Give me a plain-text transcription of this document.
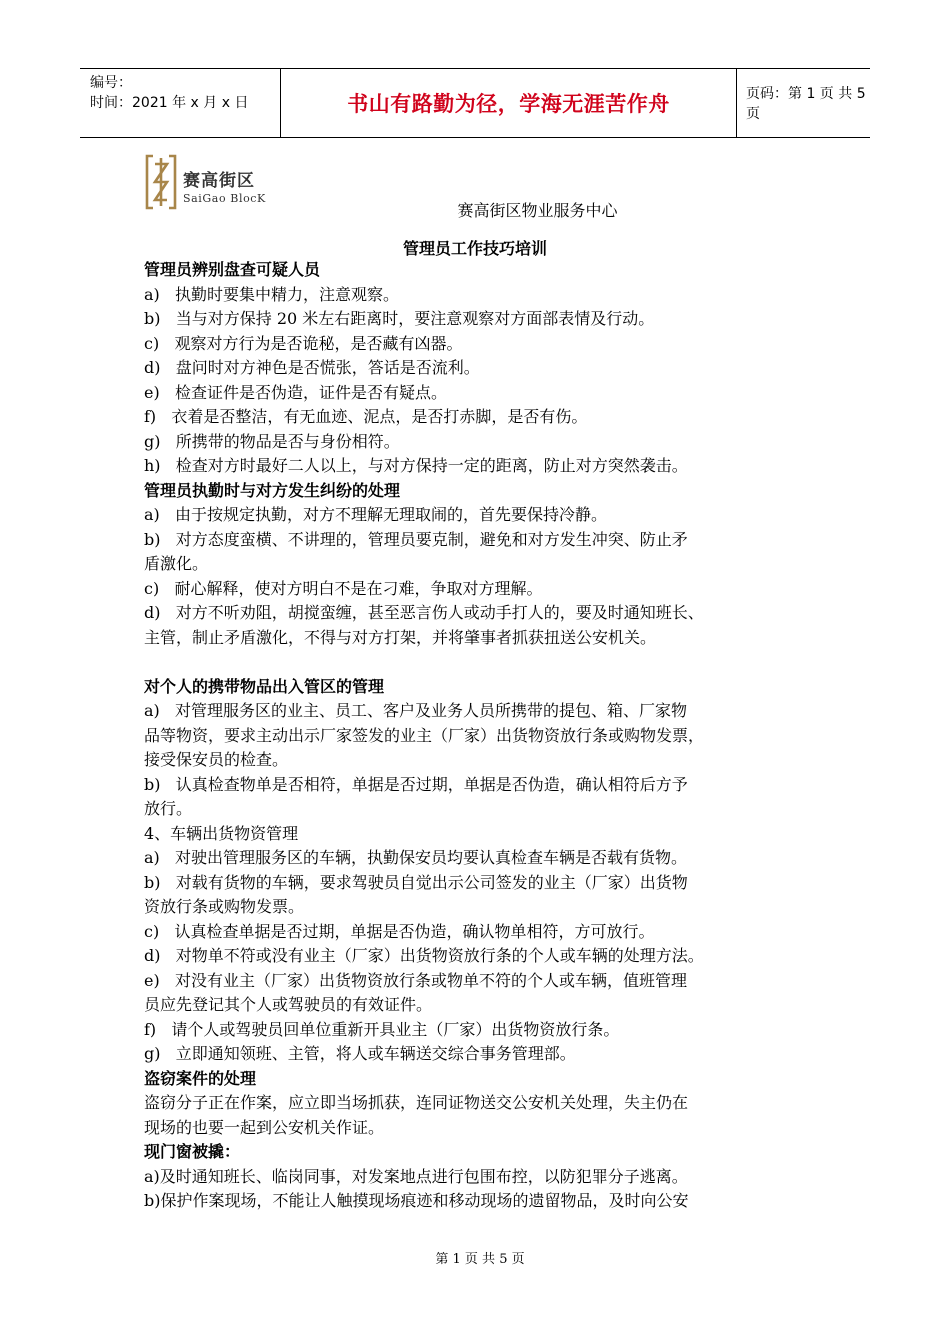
编号：
时间：2021 年 x 月 x 日	书山有路勤为径，学海无涯苦作舟	页码：第 1 页 共 5 页
赛高街区
SaiGao BlocK
赛高街区物业服务中心
管理员工作技巧培训

管理员辨别盘查可疑人员

a)   执勤时要集中精力，注意观察。

b)   当与对方保持 20 米左右距离时，要注意观察对方面部表情及行动。

c)   观察对方行为是否诡秘，是否藏有凶器。

d)   盘问时对方神色是否慌张，答话是否流利。

e)   检查证件是否伪造，证件是否有疑点。

f)   衣着是否整洁，有无血迹、泥点，是否打赤脚，是否有伤。

g)   所携带的物品是否与身份相符。

h)   检查对方时最好二人以上，与对方保持一定的距离，防止对方突然袭击。

管理员执勤时与对方发生纠纷的处理

a)   由于按规定执勤，对方不理解无理取闹的，首先要保持冷静。

b)   对方态度蛮横、不讲理的，管理员要克制，避免和对方发生冲突、防止矛

盾激化。

c)   耐心解释，使对方明白不是在刁难，争取对方理解。

d)   对方不听劝阻，胡搅蛮缠，甚至恶言伤人或动手打人的，要及时通知班长、

主管，制止矛盾激化，不得与对方打架，并将肇事者抓获扭送公安机关。

对个人的携带物品出入管区的管理

a)   对管理服务区的业主、员工、客户及业务人员所携带的提包、箱、厂家物

品等物资，要求主动出示厂家签发的业主（厂家）出货物资放行条或购物发票，

接受保安员的检查。

b)   认真检查物单是否相符，单据是否过期，单据是否伪造，确认相符后方予

放行。

4、车辆出货物资管理

a)   对驶出管理服务区的车辆，执勤保安员均要认真检查车辆是否载有货物。

b)   对载有货物的车辆，要求驾驶员自觉出示公司签发的业主（厂家）出货物

资放行条或购物发票。

c)   认真检查单据是否过期，单据是否伪造，确认物单相符，方可放行。

d)   对物单不符或没有业主（厂家）出货物资放行条的个人或车辆的处理方法。

e)   对没有业主（厂家）出货物资放行条或物单不符的个人或车辆，值班管理

员应先登记其个人或驾驶员的有效证件。

f)   请个人或驾驶员回单位重新开具业主（厂家）出货物资放行条。

g)   立即通知领班、主管，将人或车辆送交综合事务管理部。

盗窃案件的处理

盗窃分子正在作案，应立即当场抓获，连同证物送交公安机关处理，失主仍在

现场的也要一起到公安机关作证。

现门窗被撬：

a)及时通知班长、临岗同事，对发案地点进行包围布控，以防犯罪分子逃离。

b)保护作案现场，不能让人触摸现场痕迹和移动现场的遗留物品，及时向公安

第 1 页 共 5 页
